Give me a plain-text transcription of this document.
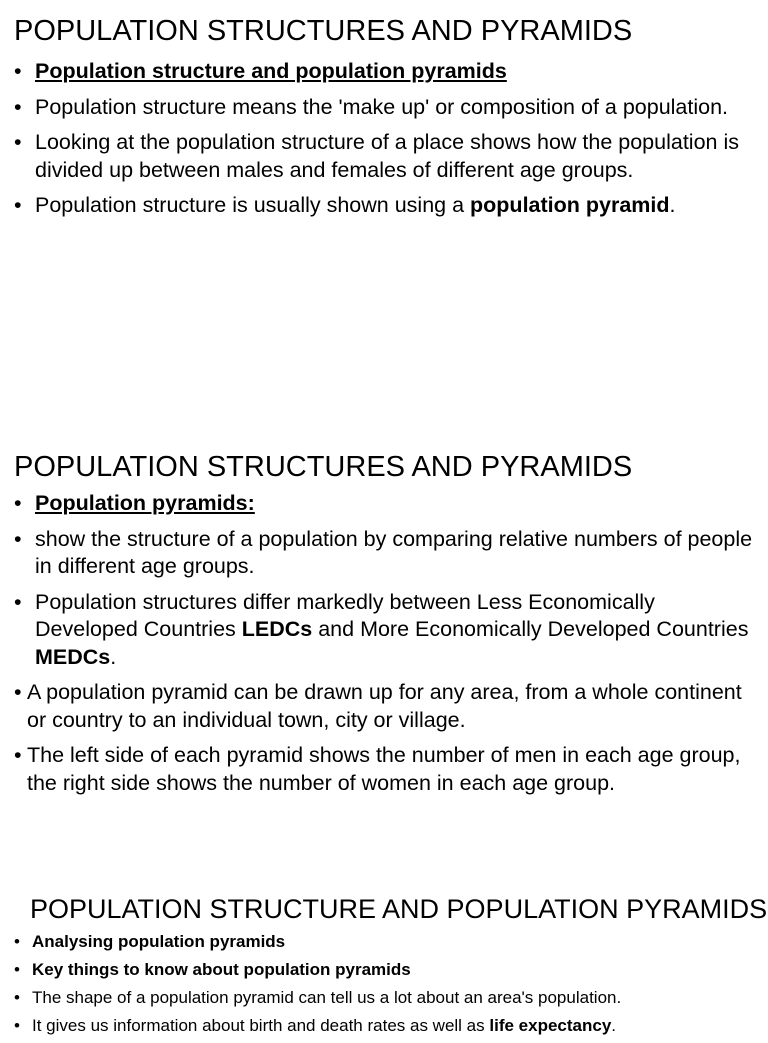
POPULATION STRUCTURES AND PYRAMIDS
• Population structure and population pyramids
• Population structure means the 'make up' or composition of a population.
• Looking at the population structure of a place shows how the population is divided up between males and females of different age groups.
• Population structure is usually shown using a population pyramid.
POPULATION STRUCTURES AND PYRAMIDS
• Population pyramids:
• show the structure of a population by comparing relative numbers of people in different age groups.
• Population structures differ markedly between Less Economically Developed Countries LEDCs and More Economically Developed Countries MEDCs.
• A population pyramid can be drawn up for any area, from a whole continent or country to an individual town, city or village.
• The left side of each pyramid shows the number of men in each age group, the right side shows the number of women in each age group.
POPULATION STRUCTURE AND POPULATION PYRAMIDS
• Analysing population pyramids
• Key things to know about population pyramids
• The shape of a population pyramid can tell us a lot about an area's population.
• It gives us information about birth and death rates as well as life expectancy.
